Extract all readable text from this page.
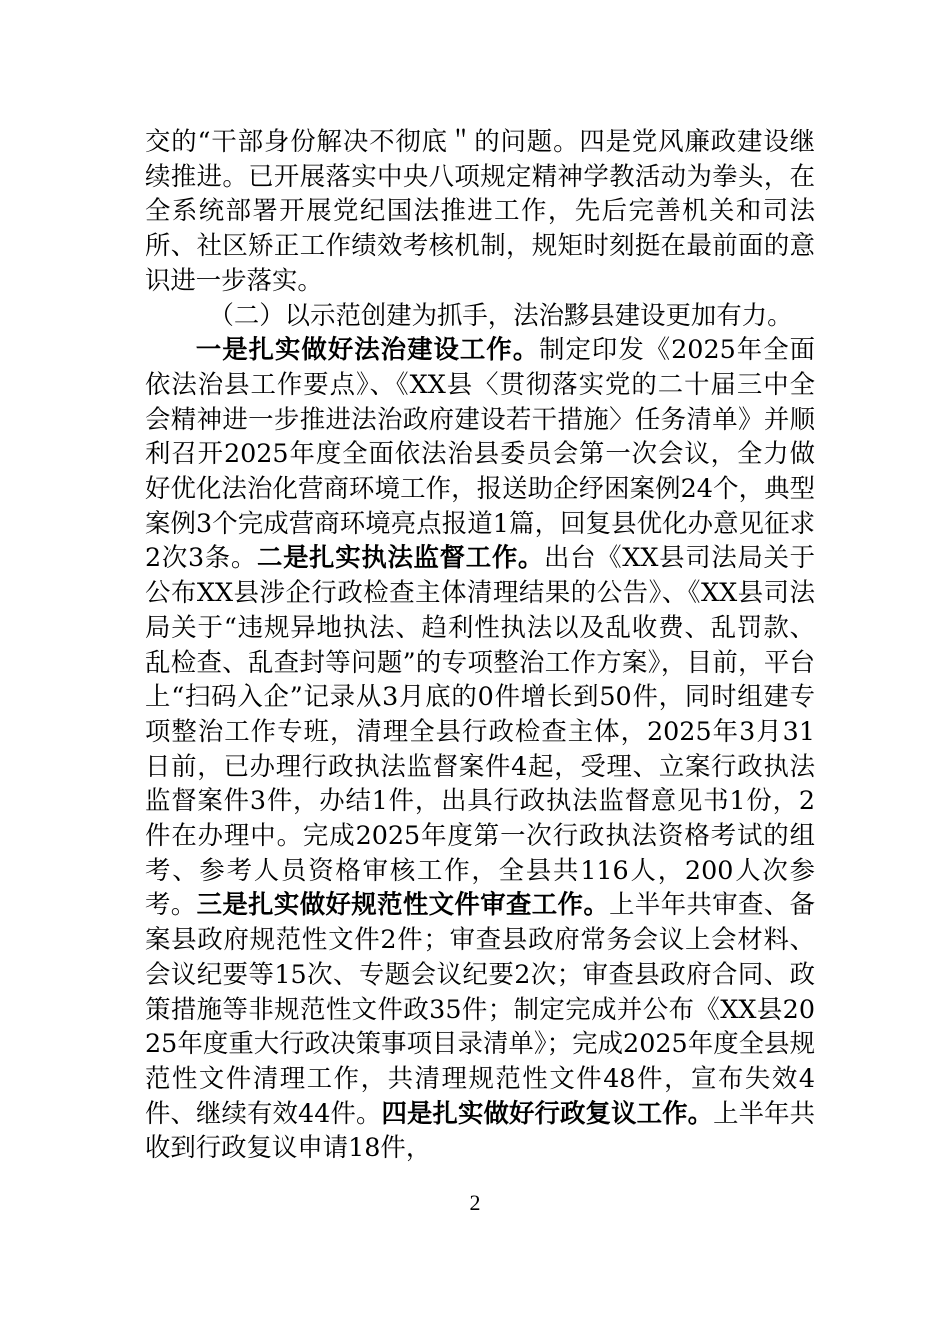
交的“干部身份解决不彻底＂的问题。四是党风廉政建设继续推进。已开展落实中央八项规定精神学教活动为拳头，在全系统部署开展党纪国法推进工作，先后完善机关和司法所、社区矫正工作绩效考核机制，规矩时刻挺在最前面的意识进一步落实。

（二）以示范创建为抓手，法治黟县建设更加有力。

一是扎实做好法治建设工作。制定印发《2025年全面依法治县工作要点》、《XX县〈贯彻落实党的二十届三中全会精神进一步推进法治政府建设若干措施〉任务清单》并顺利召开2025年度全面依法治县委员会第一次会议，全力做好优化法治化营商环境工作，报送助企纾困案例24个，典型案例3个完成营商环境亮点报道1篇，回复县优化办意见征求2次3条。二是扎实执法监督工作。出台《XX县司法局关于公布XX县涉企行政检查主体清理结果的公告》、《XX县司法局关于“违规异地执法、趋利性执法以及乱收费、乱罚款、乱检查、乱查封等问题”的专项整治工作方案》，目前，平台上“扫码入企”记录从3月底的0件增长到50件，同时组建专项整治工作专班，清理全县行政检查主体，2025年3月31日前，已办理行政执法监督案件4起，受理、立案行政执法监督案件3件，办结1件，出具行政执法监督意见书1份，2件在办理中。完成2025年度第一次行政执法资格考试的组考、参考人员资格审核工作，全县共116人，200人次参考。三是扎实做好规范性文件审查工作。上半年共审查、备案县政府规范性文件2件；审查县政府常务会议上会材料、会议纪要等15次、专题会议纪要2次；审查县政府合同、政策措施等非规范性文件政35件；制定完成并公布《XX县2025年度重大行政决策事项目录清单》；完成2025年度全县规范性文件清理工作，共清理规范性文件48件，宣布失效4件、继续有效44件。四是扎实做好行政复议工作。上半年共收到行政复议申请18件，

2
